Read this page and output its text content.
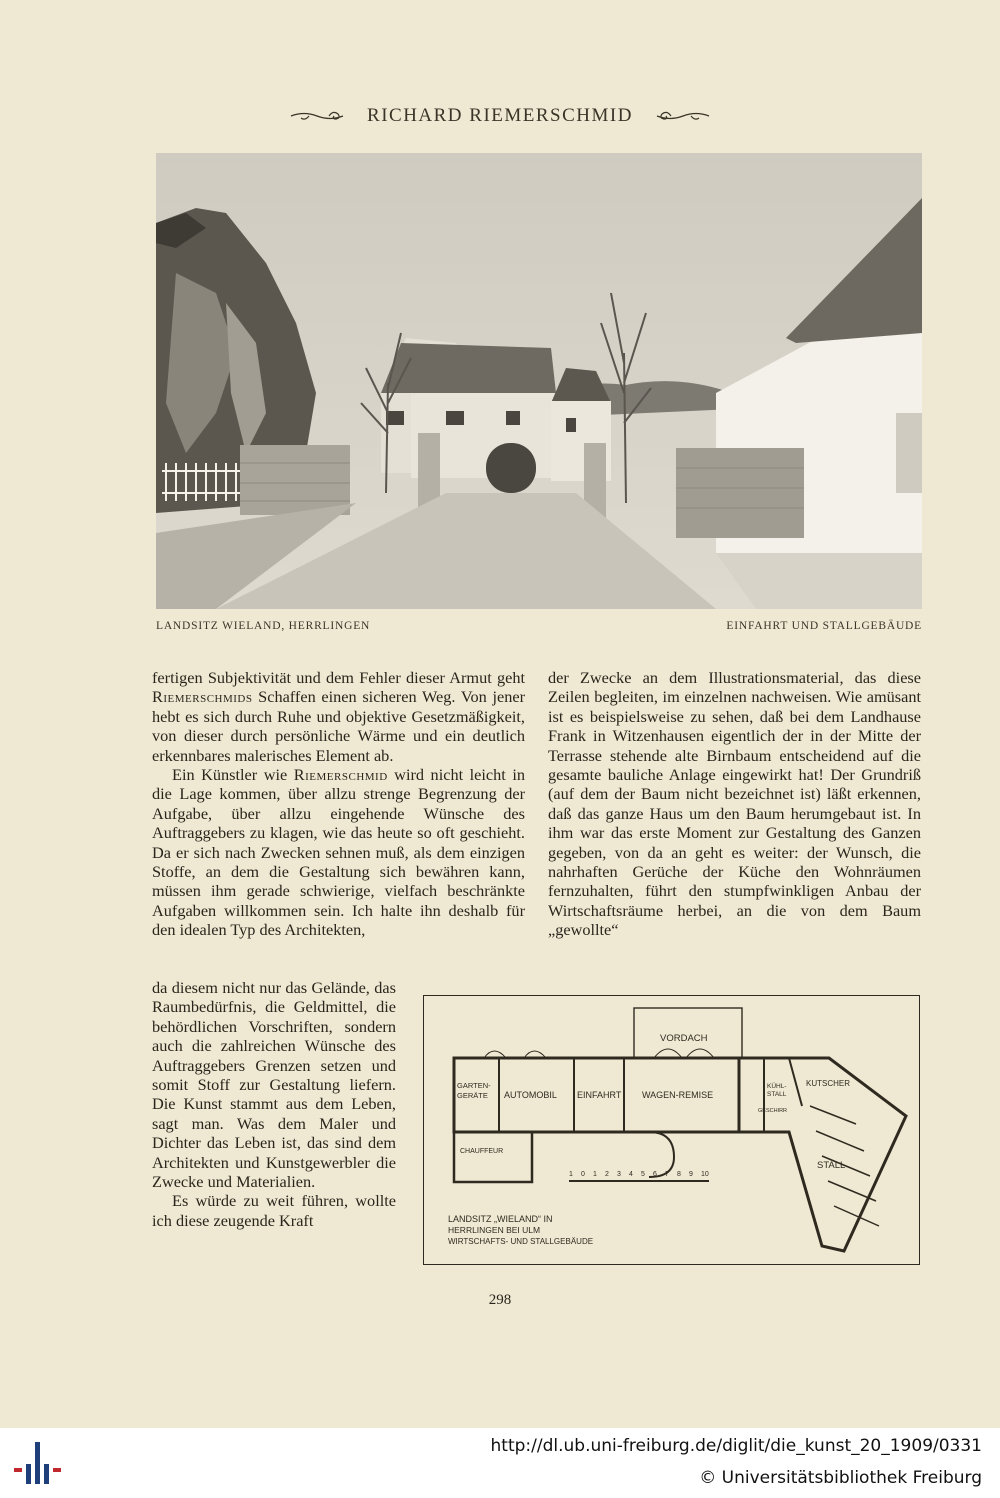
RICHARD RIEMERSCHMID
LANDSITZ WIELAND, HERRLINGEN	EINFAHRT UND STALLGEBÄUDE

fertigen Subjektivität und dem Fehler dieser Armut geht Riemerschmids Schaffen einen sicheren Weg. Von jener hebt es sich durch Ruhe und objektive Gesetzmäßigkeit, von dieser durch persönliche Wärme und ein deutlich erkennbares malerisches Element ab.

Ein Künstler wie Riemerschmid wird nicht leicht in die Lage kommen, über allzu strenge Begrenzung der Aufgabe, über allzu eingehende Wünsche des Auftraggebers zu klagen, wie das heute so oft geschieht. Da er sich nach Zwecken sehnen muß, als dem einzigen Stoffe, an dem die Gestaltung sich bewähren kann, müssen ihm gerade schwierige, vielfach beschränkte Aufgaben willkommen sein. Ich halte ihn deshalb für den idealen Typ des Architekten,

da diesem nicht nur das Gelände, das Raumbedürfnis, die Geldmittel, die behördlichen Vorschriften, sondern auch die zahlreichen Wünsche des Auftraggebers Grenzen setzen und somit Stoff zur Gestaltung liefern. Die Kunst stammt aus dem Leben, sagt man. Was dem Maler und Dichter das Leben ist, das sind dem Architekten und Kunstgewerbler die Zwecke und Materialien.

Es würde zu weit führen, wollte ich diese zeugende Kraft

der Zwecke an dem Illustrationsmaterial, das diese Zeilen begleiten, im einzelnen nachweisen. Wie amüsant ist es beispielsweise zu sehen, daß bei dem Landhause Frank in Witzenhausen eigentlich der in der Mitte der Terrasse stehende alte Birnbaum entscheidend auf die gesamte bauliche Anlage eingewirkt hat! Der Grundriß (auf dem der Baum nicht bezeichnet ist) läßt erkennen, daß das ganze Haus um den Baum herumgebaut ist. In ihm war das erste Moment zur Gestaltung des Ganzen gegeben, von da an geht es weiter: der Wunsch, die nahrhaften Gerüche der Küche den Wohnräumen fernzuhalten, führt den stumpfwinkligen Anbau der Wirtschaftsräume herbei, an die von dem Baum „gewollte“

VORDACH
GARTEN-
GERÄTE AUTOMOBIL EINFAHRT WAGEN-REMISE
KÜHL-
STALL
KUTSCHER
GESCHIRR
STALL
CHAUFFEUR
1 0 1 2 3 4 5 6 7 8 9 10
LANDSITZ „WIELAND“ IN
HERRLINGEN BEI ULM
WIRTSCHAFTS- UND STALLGEBÄUDE
298
http://dl.ub.uni-freiburg.de/diglit/die_kunst_20_1909/0331
© Universitätsbibliothek Freiburg
